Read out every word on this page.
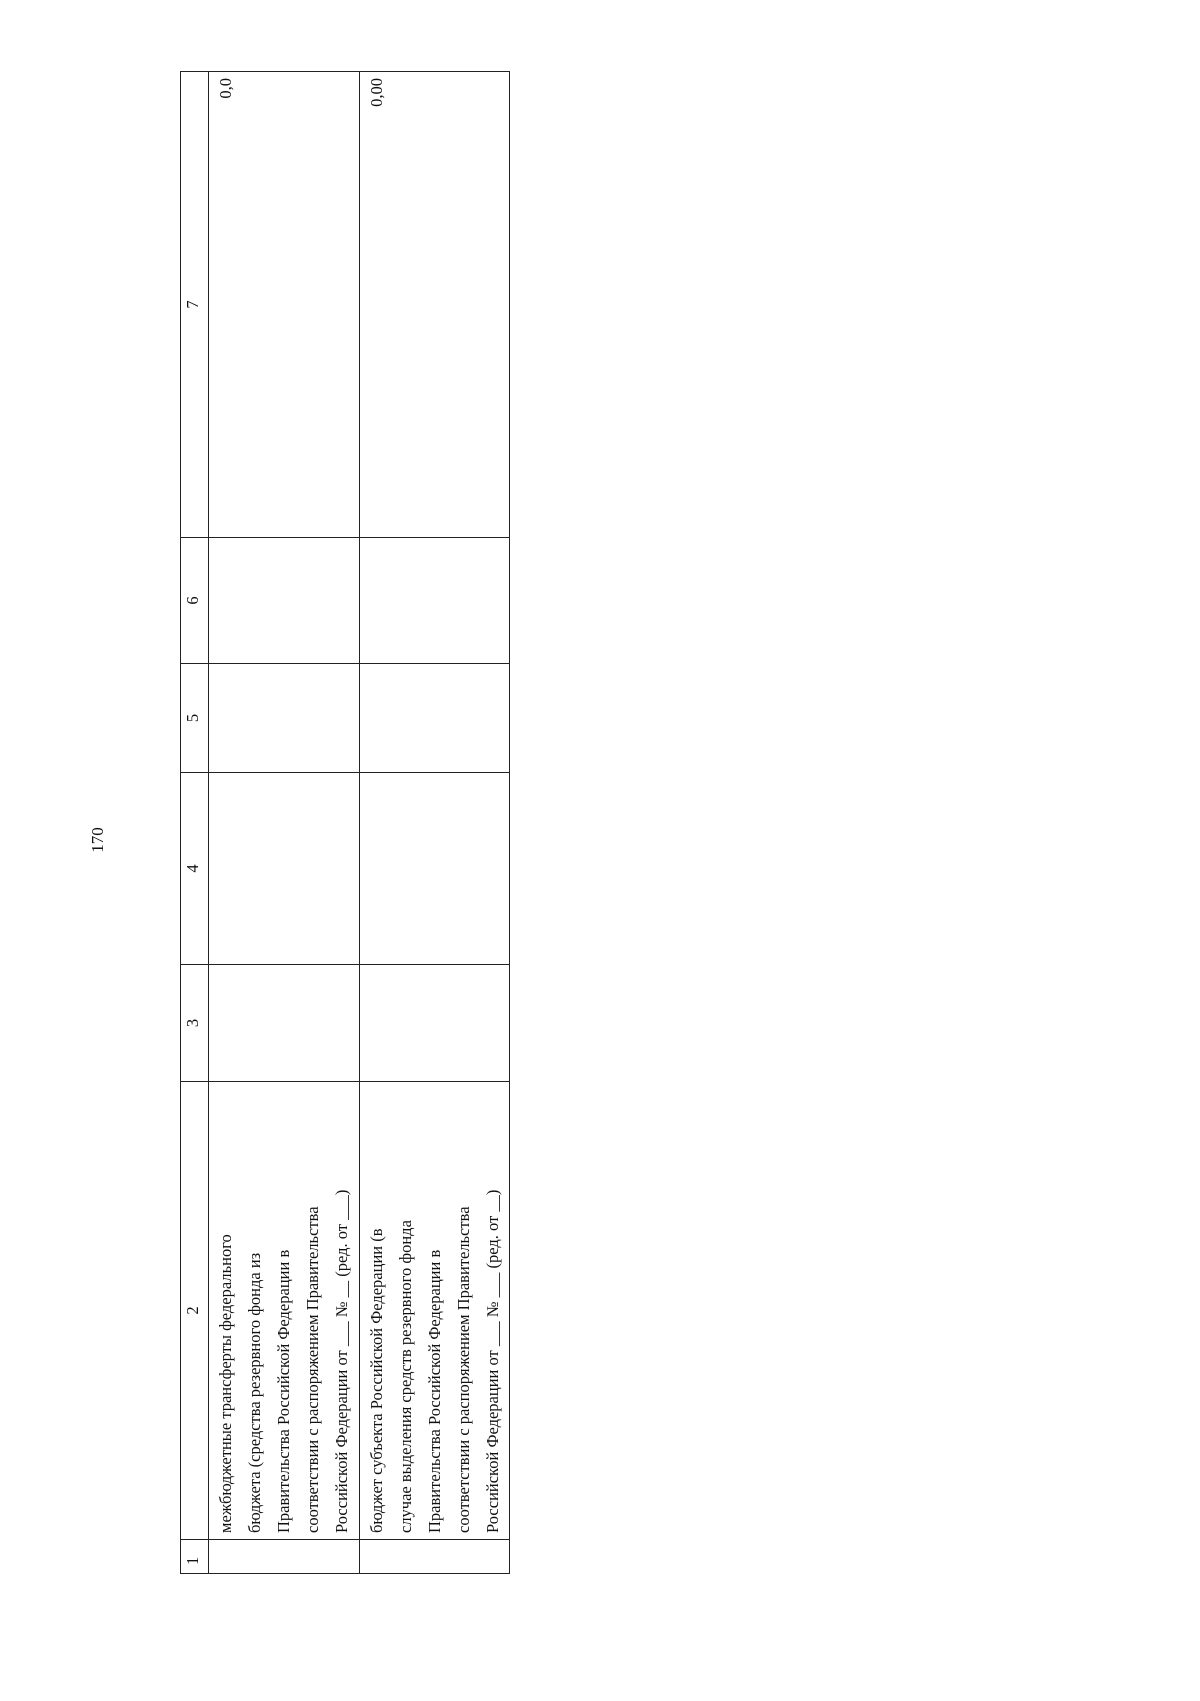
170
1	2	3	4	5	6	7

	межбюджетные трансферты федерального бюджета (средства резервного фонда из Правительства Российской Федерации в соответствии с распоряжением Правительства Российской Федерации от ___ № __ (ред. от ___)					0,0

	бюджет субъекта Российской Федерации (в случае выделения средств резервного фонда Правительства Российской Федерации в соответствии с распоряжением Правительства Российской Федерации от ___ № ___ (ред. от __)					0,00
